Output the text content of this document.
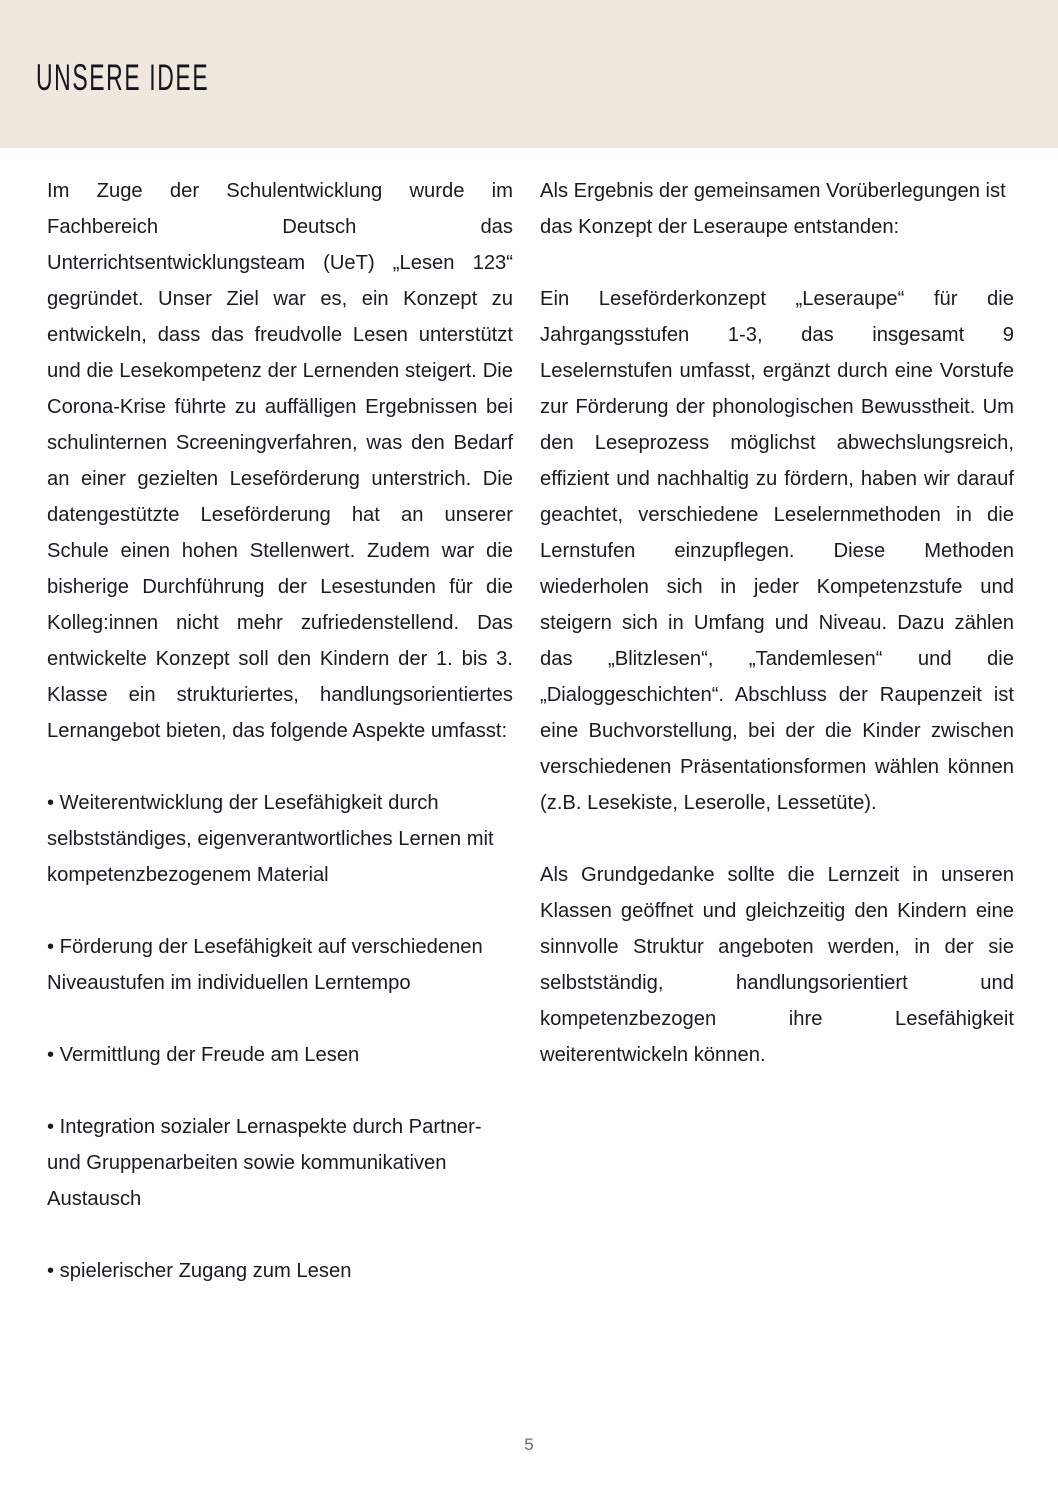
UNSERE IDEE

Im Zuge der Schulentwicklung wurde im Fachbereich Deutsch das Unterrichtsentwicklungsteam (UeT) „Lesen 123“ gegründet. Unser Ziel war es, ein Konzept zu entwickeln, dass das freudvolle Lesen unterstützt und die Lesekompetenz der Lernenden steigert. Die Corona-Krise führte zu auffälligen Ergebnissen bei schulinternen Screeningverfahren, was den Bedarf an einer gezielten Leseförderung unterstrich. Die datengestützte Leseförderung hat an unserer Schule einen hohen Stellenwert. Zudem war die bisherige Durchführung der Lesestunden für die Kolleg:innen nicht mehr zufriedenstellend. Das entwickelte Konzept soll den Kindern der 1. bis 3. Klasse ein strukturiertes, handlungsorientiertes Lernangebot bieten, das folgende Aspekte umfasst:

• Weiterentwicklung der Lesefähigkeit durch selbstständiges, eigenverantwortliches Lernen mit kompetenzbezogenem Material

• Förderung der Lesefähigkeit auf verschiedenen Niveaustufen im individuellen Lerntempo

• Vermittlung der Freude am Lesen

• Integration sozialer Lernaspekte durch Partner- und Gruppenarbeiten sowie kommunikativen Austausch

• spielerischer Zugang zum Lesen

Als Ergebnis der gemeinsamen Vorüberlegungen ist das Konzept der Leseraupe entstanden:

Ein Leseförderkonzept „Leseraupe“ für die Jahrgangsstufen 1-3, das insgesamt 9 Leselernstufen umfasst, ergänzt durch eine Vorstufe zur Förderung der phonologischen Bewusstheit. Um den Leseprozess möglichst abwechslungsreich, effizient und nachhaltig zu fördern, haben wir darauf geachtet, verschiedene Leselernmethoden in die Lernstufen einzupflegen. Diese Methoden wiederholen sich in jeder Kompetenzstufe und steigern sich in Umfang und Niveau. Dazu zählen das „Blitzlesen“, „Tandemlesen“ und die „Dialoggeschichten“. Abschluss der Raupenzeit ist eine Buchvorstellung, bei der die Kinder zwischen verschiedenen Präsentationsformen wählen können (z.B. Lesekiste, Leserolle, Lessetüte).

Als Grundgedanke sollte die Lernzeit in unseren Klassen geöffnet und gleichzeitig den Kindern eine sinnvolle Struktur angeboten werden, in der sie selbstständig, handlungsorientiert und kompetenzbezogen ihre Lesefähigkeit weiterentwickeln können.

5
